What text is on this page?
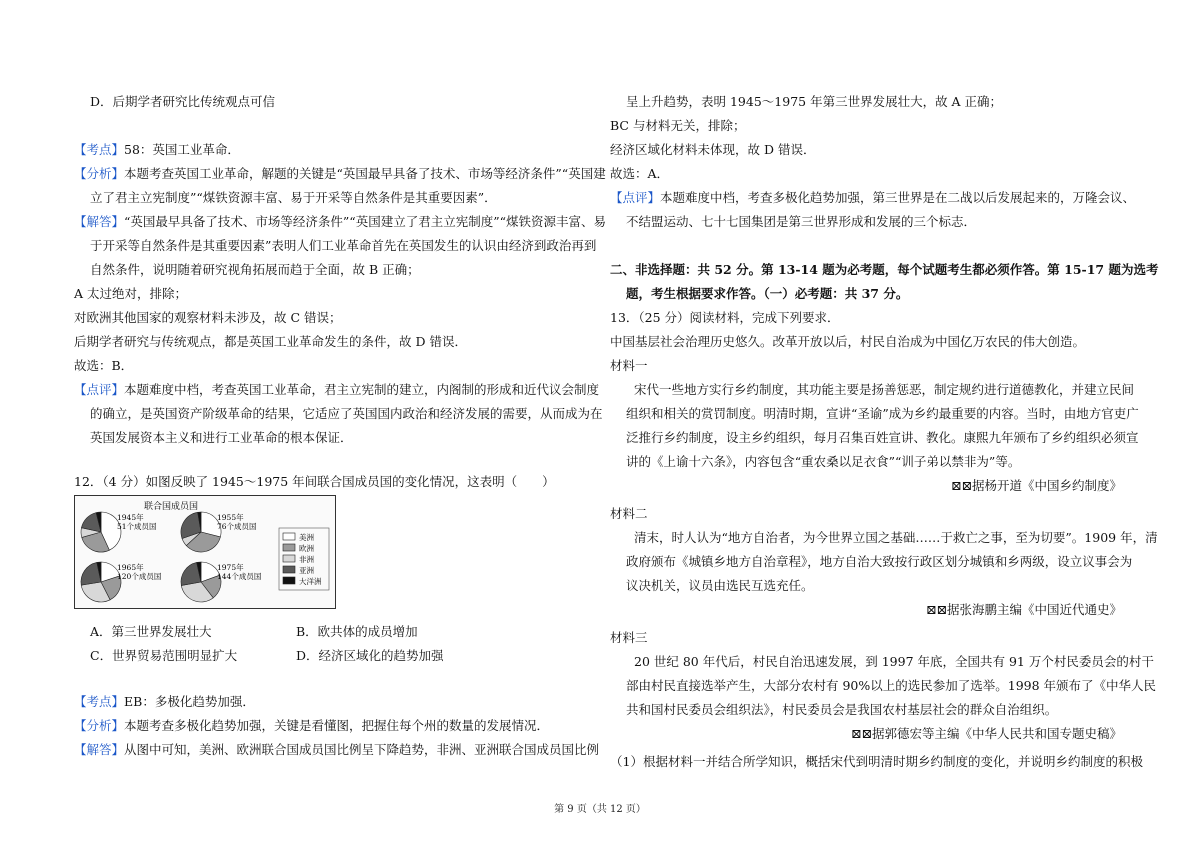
D．后期学者研究比传统观点可信
【考点】58：英国工业革命．
【分析】本题考查英国工业革命，解题的关键是“英国最早具备了技术、市场等经济条件”“英国建
立了君主立宪制度”“煤铁资源丰富、易于开采等自然条件是其重要因素”．
【解答】“英国最早具备了技术、市场等经济条件”“英国建立了君主立宪制度”“煤铁资源丰富、易
于开采等自然条件是其重要因素”表明人们工业革命首先在英国发生的认识由经济到政治再到
自然条件，说明随着研究视角拓展而趋于全面，故 B 正确；
A 太过绝对，排除；
对欧洲其他国家的观察材料未涉及，故 C 错误；
后期学者研究与传统观点，都是英国工业革命发生的条件，故 D 错误．
故选：B．
【点评】本题难度中档，考查英国工业革命，君主立宪制的建立，内阁制的形成和近代议会制度
的确立，是英国资产阶级革命的结果，它适应了英国国内政治和经济发展的需要，从而成为在
英国发展资本主义和进行工业革命的根本保证．
12．（4 分）如图反映了 1945～1975 年间联合国成员国的变化情况，这表明（　　）
联合国成员国
1945年
51个成员国
1955年
76个成员国
1965年
120个成员国
1975年
144个成员国
美洲
欧洲
非洲
亚洲
大洋洲
A．第三世界发展壮大	B．欧共体的成员增加
C．世界贸易范围明显扩大	D．经济区域化的趋势加强
【考点】EB：多极化趋势加强．
【分析】本题考查多极化趋势加强，关键是看懂图，把握住每个州的数量的发展情况．
【解答】从图中可知，美洲、欧洲联合国成员国比例呈下降趋势，非洲、亚洲联合国成员国比例
呈上升趋势，表明 1945～1975 年第三世界发展壮大，故 A 正确；
BC 与材料无关，排除；
经济区域化材料未体现，故 D 错误．
故选：A．
【点评】本题难度中档，考查多极化趋势加强，第三世界是在二战以后发展起来的，万隆会议、
不结盟运动、七十七国集团是第三世界形成和发展的三个标志．
二、非选择题：共 52 分。第 13-14 题为必考题，每个试题考生都必须作答。第 15-17 题为选考
题，考生根据要求作答。（一）必考题：共 37 分。
13．（25 分）阅读材料，完成下列要求．
中国基层社会治理历史悠久。改革开放以后，村民自治成为中国亿万农民的伟大创造。
材料一
宋代一些地方实行乡约制度，其功能主要是扬善惩恶，制定规约进行道德教化，并建立民间
组织和相关的赏罚制度。明清时期，宣讲“圣谕”成为乡约最重要的内容。当时，由地方官吏广
泛推行乡约制度，设主乡约组织，每月召集百姓宣讲、教化。康熙九年颁布了乡约组织必须宣
讲的《上谕十六条》，内容包含“重农桑以足衣食”“训子弟以禁非为”等。
⊠⊠据杨开道《中国乡约制度》
材料二
清末，时人认为“地方自治者，为今世界立国之基础……于救亡之事，至为切要”。1909 年，清
政府颁布《城镇乡地方自治章程》，地方自治大致按行政区划分城镇和乡两级，设立议事会为
议决机关，议员由选民互选充任。
⊠⊠据张海鹏主编《中国近代通史》
材料三
20 世纪 80 年代后，村民自治迅速发展，到 1997 年底，全国共有 91 万个村民委员会的村干
部由村民直接选举产生，大部分农村有 90%以上的选民参加了选举。1998 年颁布了《中华人民
共和国村民委员会组织法》，村民委员会是我国农村基层社会的群众自治组织。
⊠⊠据郭德宏等主编《中华人民共和国专题史稿》
（1）根据材料一并结合所学知识，概括宋代到明清时期乡约制度的变化，并说明乡约制度的积极
第 9 页（共 12 页）
